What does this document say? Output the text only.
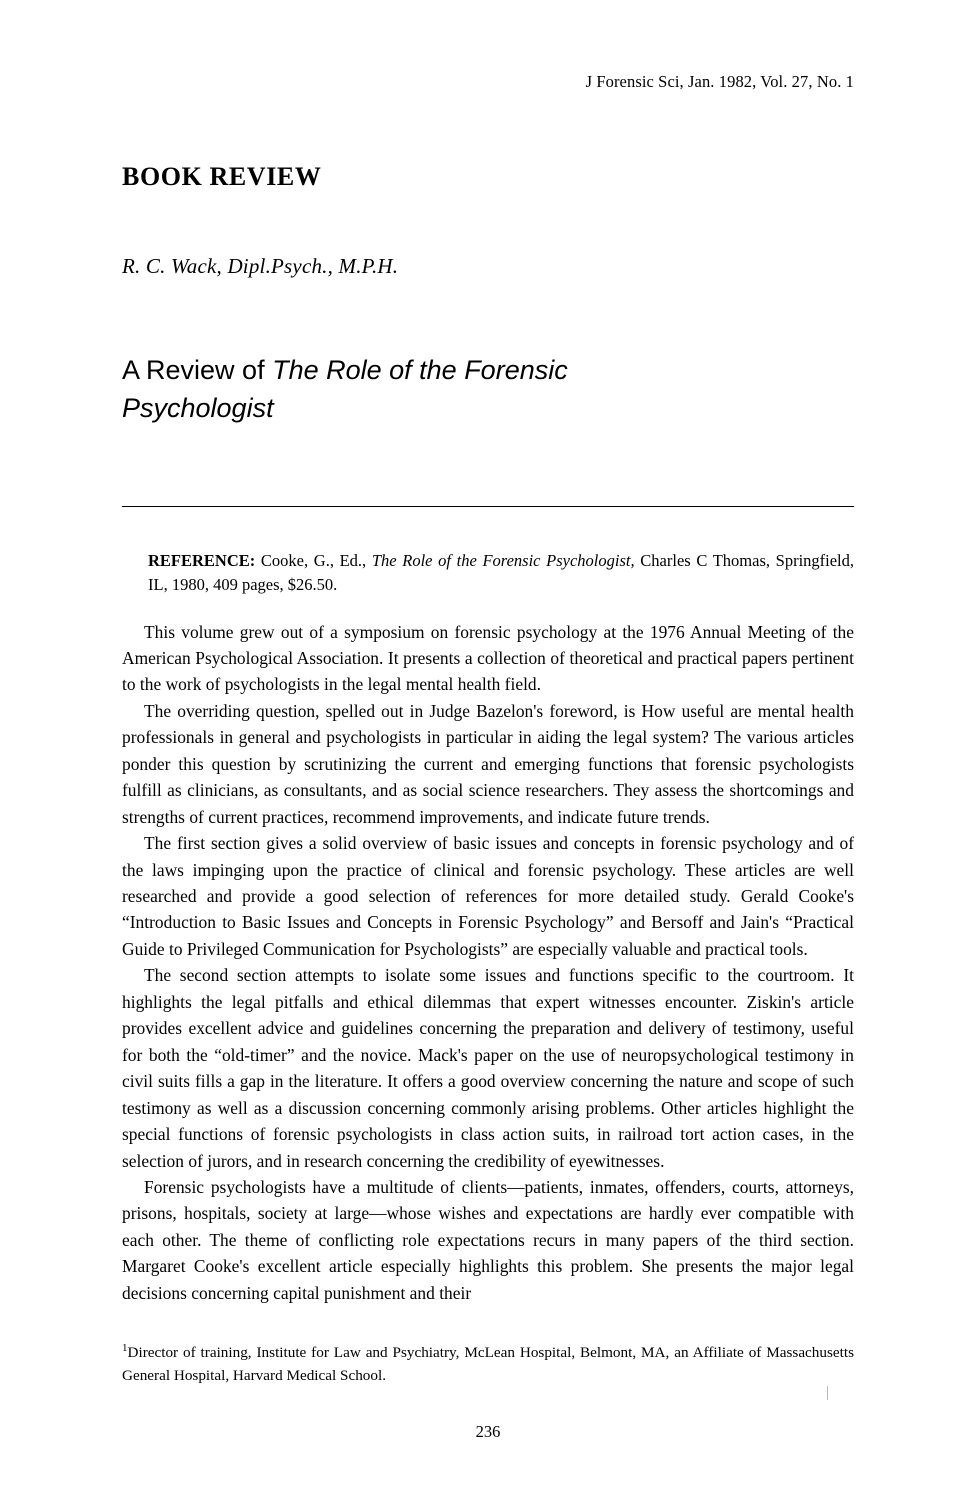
J Forensic Sci, Jan. 1982, Vol. 27, No. 1
BOOK REVIEW
R. C. Wack, Dipl.Psych., M.P.H.
A Review of The Role of the Forensic Psychologist

REFERENCE: Cooke, G., Ed., The Role of the Forensic Psychologist, Charles C Thomas, Springfield, IL, 1980, 409 pages, $26.50.

This volume grew out of a symposium on forensic psychology at the 1976 Annual Meeting of the American Psychological Association. It presents a collection of theoretical and practical papers pertinent to the work of psychologists in the legal mental health field.

The overriding question, spelled out in Judge Bazelon's foreword, is How useful are mental health professionals in general and psychologists in particular in aiding the legal system? The various articles ponder this question by scrutinizing the current and emerging functions that forensic psychologists fulfill as clinicians, as consultants, and as social science researchers. They assess the shortcomings and strengths of current practices, recommend improvements, and indicate future trends.

The first section gives a solid overview of basic issues and concepts in forensic psychology and of the laws impinging upon the practice of clinical and forensic psychology. These articles are well researched and provide a good selection of references for more detailed study. Gerald Cooke's “Introduction to Basic Issues and Concepts in Forensic Psychology” and Bersoff and Jain's “Practical Guide to Privileged Communication for Psychologists” are especially valuable and practical tools.

The second section attempts to isolate some issues and functions specific to the courtroom. It highlights the legal pitfalls and ethical dilemmas that expert witnesses encounter. Ziskin's article provides excellent advice and guidelines concerning the preparation and delivery of testimony, useful for both the “old-timer” and the novice. Mack's paper on the use of neuropsychological testimony in civil suits fills a gap in the literature. It offers a good overview concerning the nature and scope of such testimony as well as a discussion concerning commonly arising problems. Other articles highlight the special functions of forensic psychologists in class action suits, in railroad tort action cases, in the selection of jurors, and in research concerning the credibility of eyewitnesses.

Forensic psychologists have a multitude of clients—patients, inmates, offenders, courts, attorneys, prisons, hospitals, society at large—whose wishes and expectations are hardly ever compatible with each other. The theme of conflicting role expectations recurs in many papers of the third section. Margaret Cooke's excellent article especially highlights this problem. She presents the major legal decisions concerning capital punishment and their

$^1$Director of training, Institute for Law and Psychiatry, McLean Hospital, Belmont, MA, an Affiliate of Massachusetts General Hospital, Harvard Medical School.

236
